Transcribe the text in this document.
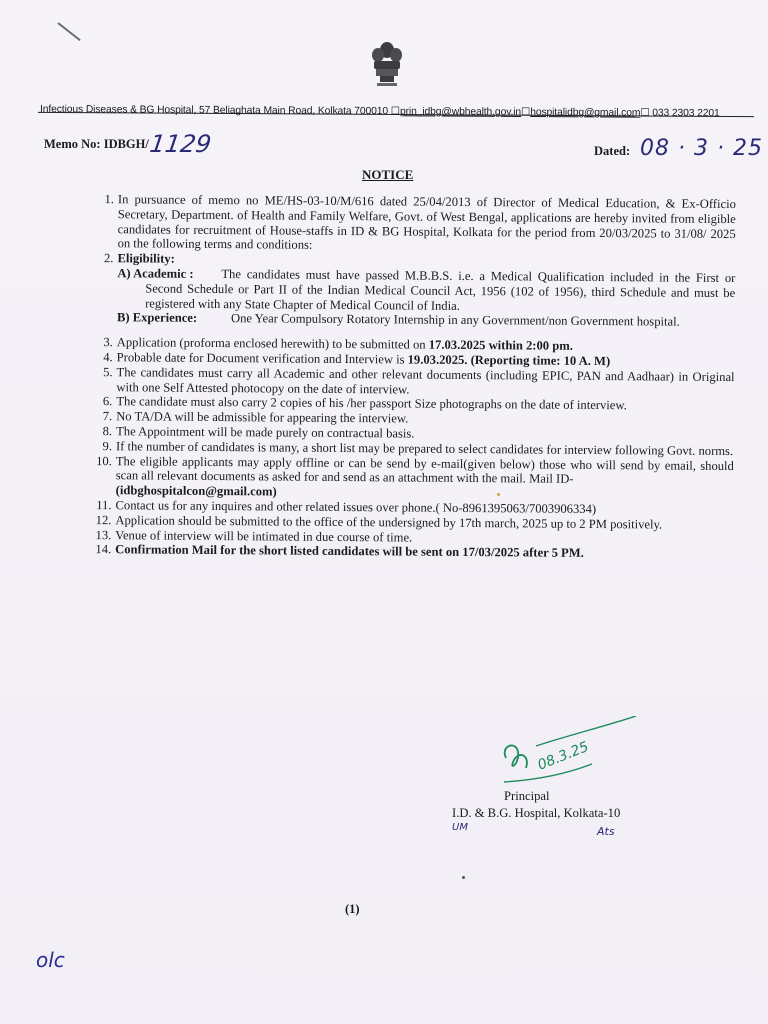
Infectious Diseases & BG Hospital, 57 Beliaghata Main Road, Kolkata 700010 ☐prin_idbg@wbhealth.gov.in☐hospitalidbg@gmail.com☐ 033 2303 2201
Memo No: IDBGH/ 1129	Dated: 08 · 3 · 25
NOTICE
1. In pursuance of memo no ME/HS-03-10/M/616 dated 25/04/2013 of Director of Medical Education, & Ex-Officio Secretary, Department. of Health and Family Welfare, Govt. of West Bengal, applications are hereby invited from eligible candidates for recruitment of House-staffs in ID & BG Hospital, Kolkata for the period from 20/03/2025 to 31/08/ 2025 on the following terms and conditions:
2. Eligibility:
A) Academic : The candidates must have passed M.B.B.S. i.e. a Medical Qualification included in the First or Second Schedule or Part II of the Indian Medical Council Act, 1956 (102 of 1956), third Schedule and must be registered with any State Chapter of Medical Council of India.
B) Experience:	One Year Compulsory Rotatory Internship in any Government/non Government hospital.
3. Application (proforma enclosed herewith) to be submitted on 17.03.2025 within 2:00 pm.
4. Probable date for Document verification and Interview is 19.03.2025. (Reporting time: 10 A. M)
5. The candidates must carry all Academic and other relevant documents (including EPIC, PAN and Aadhaar) in Original with one Self Attested photocopy on the date of interview.
6. The candidate must also carry 2 copies of his /her passport Size photographs on the date of interview.
7. No TA/DA will be admissible for appearing the interview.
8. The Appointment will be made purely on contractual basis.
9. If the number of candidates is many, a short list may be prepared to select candidates for interview following Govt. norms.
10. The eligible applicants may apply offline or can be send by e-mail(given below) those who will send by email, should scan all relevant documents as asked for and send as an attachment with the mail. Mail ID-
(idbghospitalcon@gmail.com)
11. Contact us for any inquires and other related issues over phone.( No-8961395063/7003906334)
12. Application should be submitted to the office of the undersigned by 17th march, 2025 up to 2 PM positively.
13. Venue of interview will be intimated in due course of time.
14. Confirmation Mail for the short listed candidates will be sent on 17/03/2025 after 5 PM.
08.3.25
Principal
I.D. & B.G. Hospital, Kolkata-10
UM	Ats
(1)
olc
